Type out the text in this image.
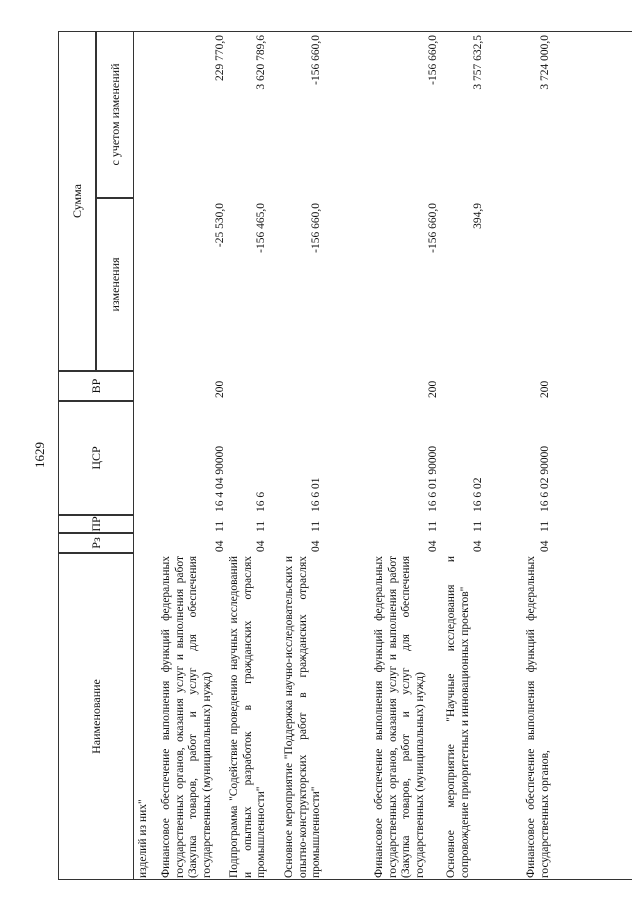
1629
Наименование
Рз
ПР
ЦСР
ВР
Сумма
изменения
с учетом изменений
изделий из них" Финансовое обеспечение выполнения функций федеральных государственных органов, оказания услуг и выполнения работ (Закупка товаров, работ и услуг для обеспечения государственных (муниципальных) нужд)
04
11
16 4 04 90000
200
-25 530,0
229 770,0
Подпрограмма "Содействие проведению научных исследований и опытных разработок в гражданских отраслях промышленности"
04
11
16 6
-156 465,0
3 620 789,6
Основное мероприятие "Поддержка научно-исследовательских и опытно-конструкторских работ в гражданских отраслях промышленности"
04
11
16 6 01
-156 660,0
-156 660,0
Финансовое обеспечение выполнения функций федеральных государственных органов, оказания услуг и выполнения работ (Закупка товаров, работ и услуг для обеспечения государственных (муниципальных) нужд)
04
11
16 6 01 90000
200
-156 660,0
-156 660,0
Основное мероприятие "Научные исследования и сопровождение приоритетных и инновационных проектов"
04
11
16 6 02
394,9
3 757 632,5
Финансовое обеспечение выполнения функций федеральных государственных органов,
04
11
16 6 02 90000
200
3 724 000,0
